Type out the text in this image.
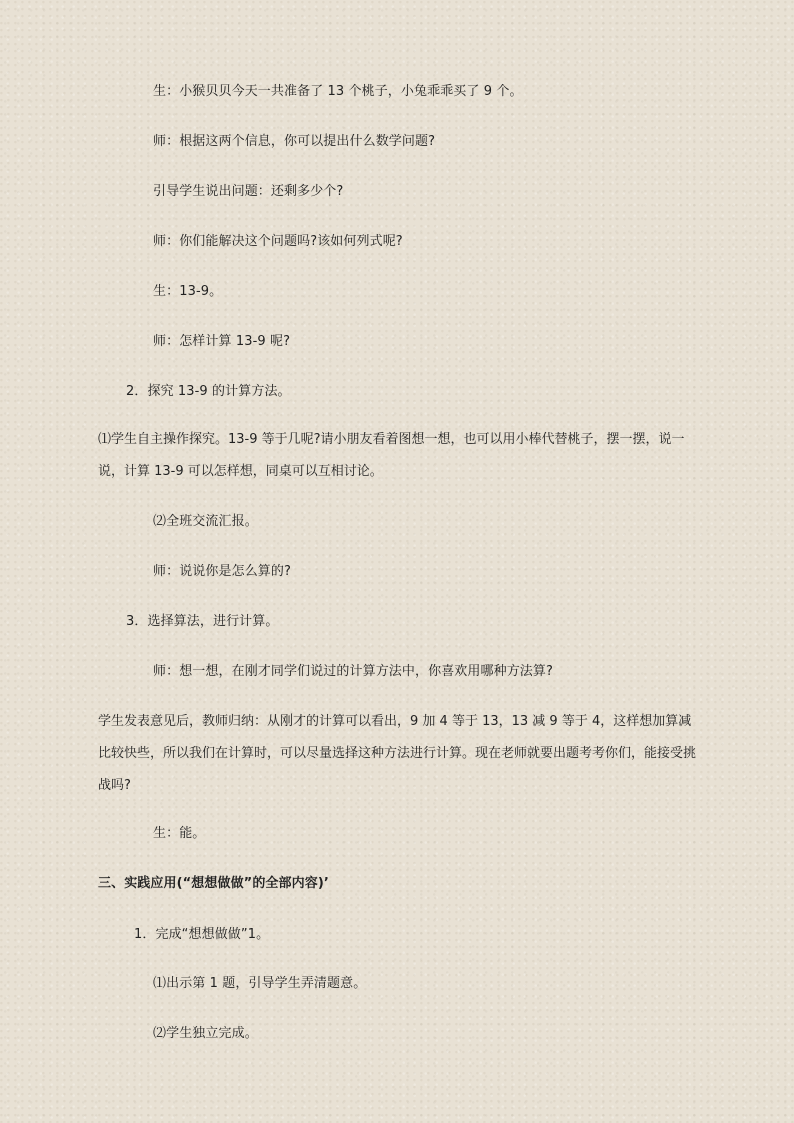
生：小猴贝贝今天一共准备了 13 个桃子，小兔乖乖买了 9 个。
师：根据这两个信息，你可以提出什么数学问题?
引导学生说出问题：还剩多少个?
师：你们能解决这个问题吗?该如何列式呢?
生：13-9。
师：怎样计算 13-9 呢?
2．探究 13-9 的计算方法。
⑴学生自主操作探究。13-9 等于几呢?请小朋友看着图想一想，也可以用小棒代替桃子，摆一摆，说一说，计算 13-9 可以怎样想，同桌可以互相讨论。
⑵全班交流汇报。
师：说说你是怎么算的?
3．选择算法，进行计算。
师：想一想，在刚才同学们说过的计算方法中，你喜欢用哪种方法算?
学生发表意见后，教师归纳：从刚才的计算可以看出，9 加 4 等于 13，13 减 9 等于 4，这样想加算减比较快些，所以我们在计算时，可以尽量选择这种方法进行计算。现在老师就要出题考考你们，能接受挑战吗?
生：能。
三、实践应用(“想想做做”的全部内容)’
1．完成“想想做做”1。
⑴出示第 1 题，引导学生弄清题意。
⑵学生独立完成。
